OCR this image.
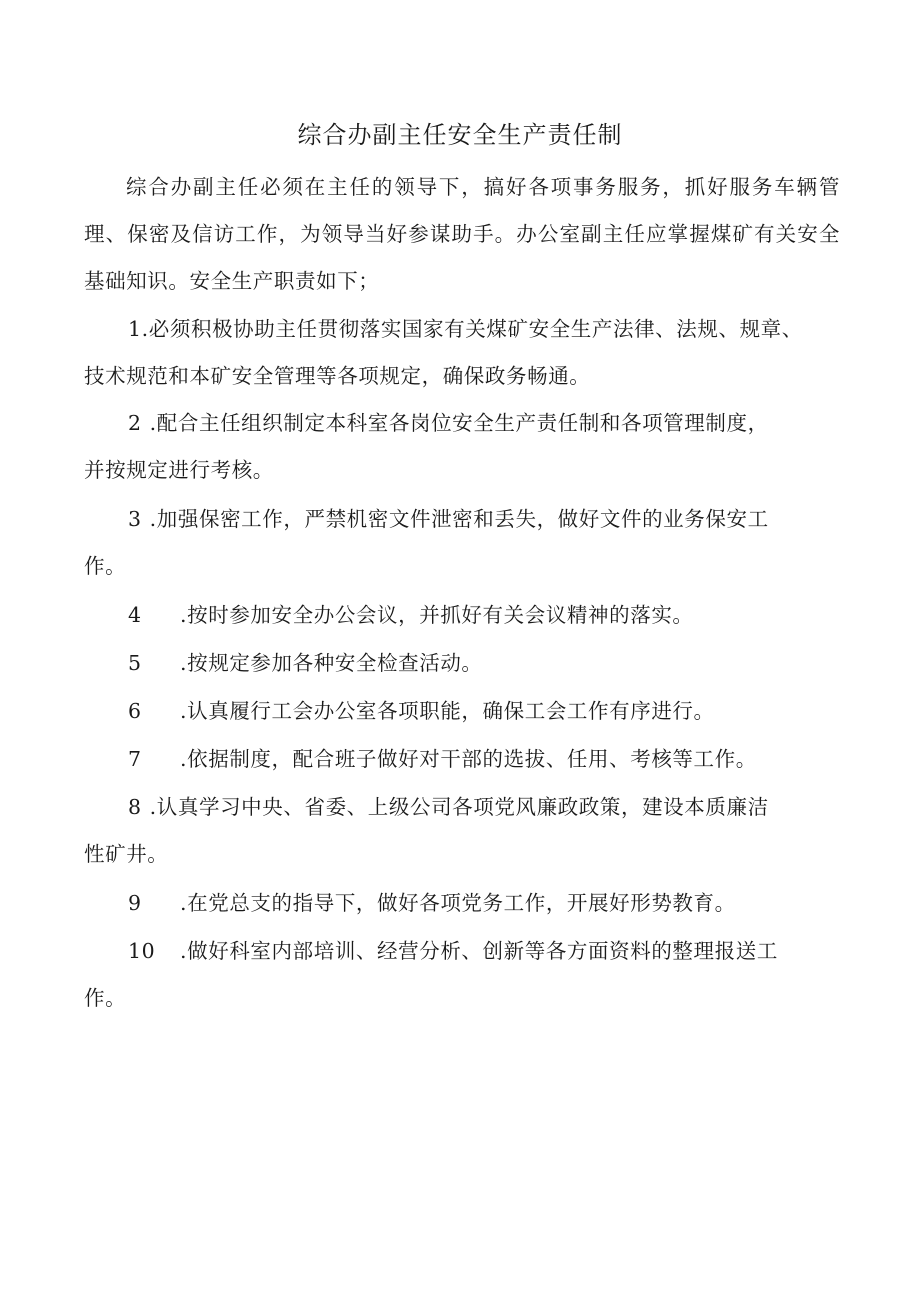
综合办副主任安全生产责任制
综合办副主任必须在主任的领导下，搞好各项事务服务，抓好服务车辆管理、保密及信访工作，为领导当好参谋助手。办公室副主任应掌握煤矿有关安全基础知识。安全生产职责如下；
1.必须积极协助主任贯彻落实国家有关煤矿安全生产法律、法规、规章、
技术规范和本矿安全管理等各项规定，确保政务畅通。
2 .配合主任组织制定本科室各岗位安全生产责任制和各项管理制度，
并按规定进行考核。
3 .加强保密工作，严禁机密文件泄密和丢失，做好文件的业务保安工
作。
4 .按时参加安全办公会议，并抓好有关会议精神的落实。
5 .按规定参加各种安全检查活动。
6 .认真履行工会办公室各项职能，确保工会工作有序进行。
7 .依据制度，配合班子做好对干部的选拔、任用、考核等工作。
8 .认真学习中央、省委、上级公司各项党风廉政政策，建设本质廉洁
性矿井。
9 .在党总支的指导下，做好各项党务工作，开展好形势教育。
10 .做好科室内部培训、经营分析、创新等各方面资料的整理报送工
作。
